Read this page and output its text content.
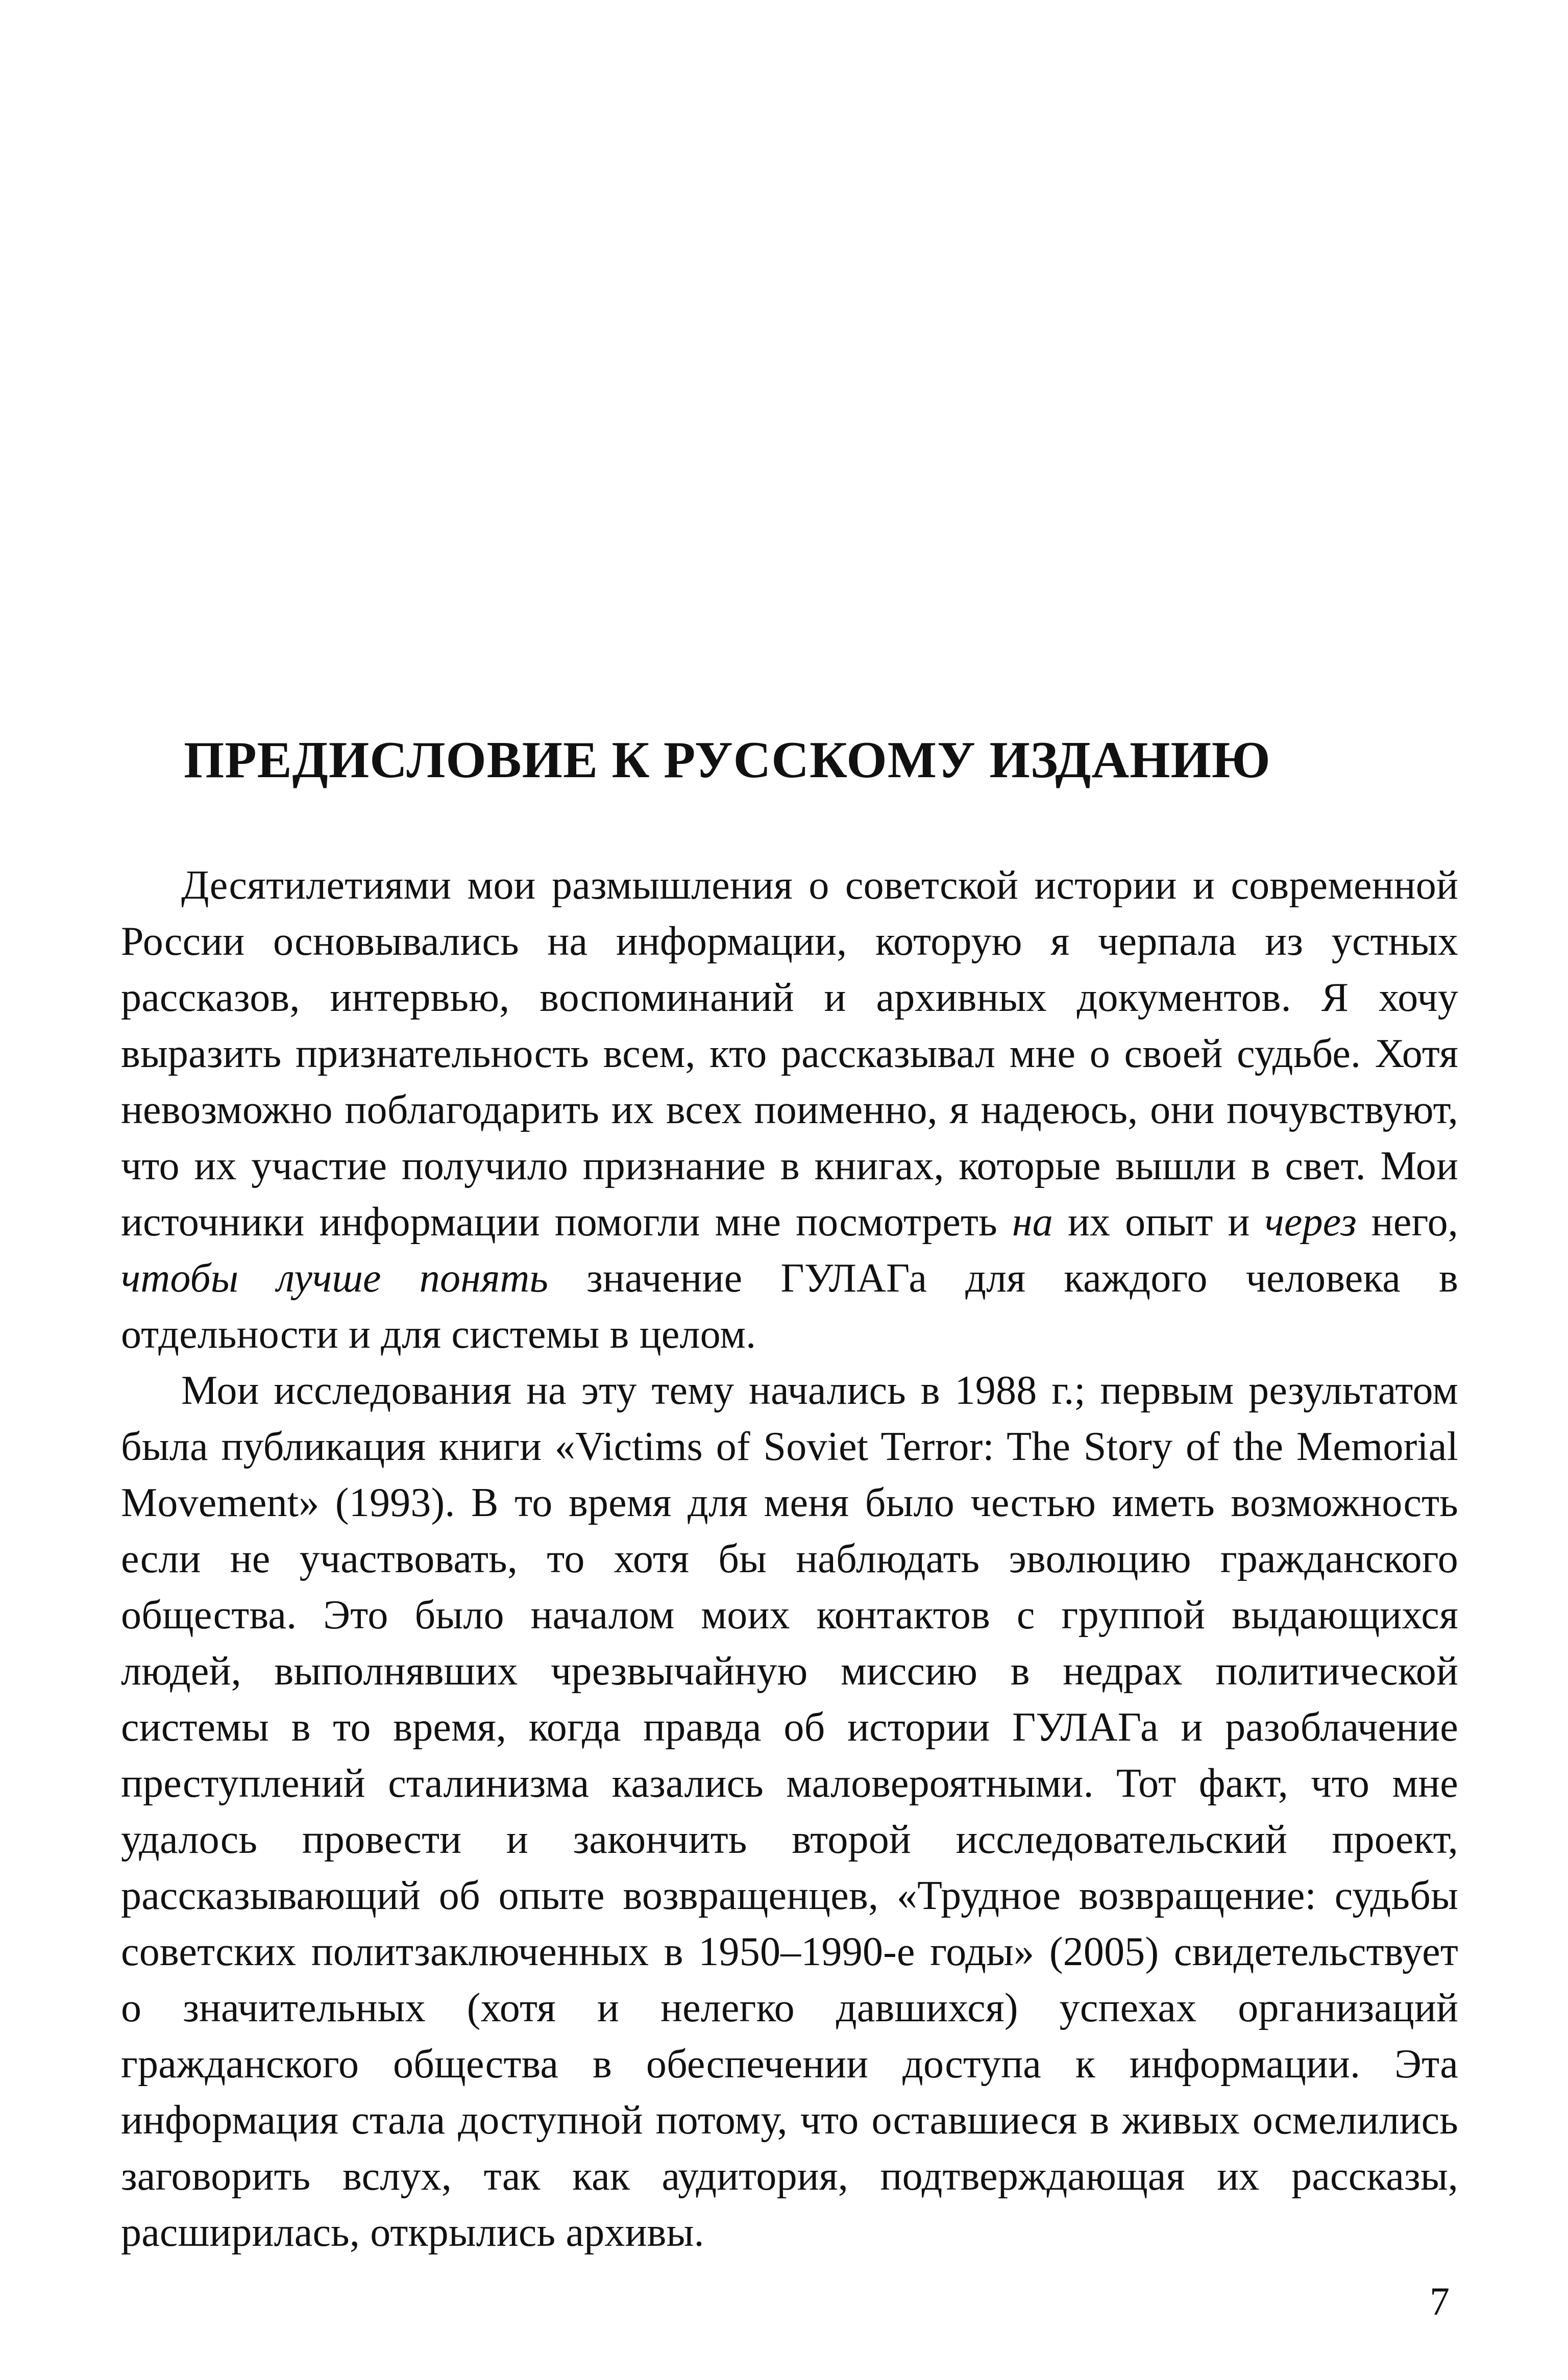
ПРЕДИСЛОВИЕ К РУССКОМУ ИЗДАНИЮ

Десятилетиями мои размышления о советской истории и современной России основывались на информации, которую я черпала из устных рассказов, интервью, воспоминаний и архивных документов. Я хочу выразить признательность всем, кто рассказывал мне о своей судьбе. Хотя невозможно поблагодарить их всех поименно, я надеюсь, они почувствуют, что их участие получило признание в книгах, которые вышли в свет. Мои источники информации помогли мне посмотреть на их опыт и через него, чтобы лучше понять значение ГУЛАГа для каждого человека в отдельности и для системы в целом.

Мои исследования на эту тему начались в 1988 г.; первым результатом была публикация книги «Victims of Soviet Terror: The Story of the Memorial Movement» (1993). В то время для меня было честью иметь возможность если не участвовать, то хотя бы наблюдать эволюцию гражданского общества. Это было началом моих контактов с группой выдающихся людей, выполнявших чрезвычайную миссию в недрах политической системы в то время, когда правда об истории ГУЛАГа и разоблачение преступлений сталинизма казались маловероятными. Тот факт, что мне удалось провести и закончить второй исследовательский проект, рассказывающий об опыте возвращенцев, «Трудное возвращение: судьбы советских политзаключенных в 1950–1990-е годы» (2005) свидетельствует о значительных (хотя и нелегко давшихся) успехах организаций гражданского общества в обеспечении доступа к информации. Эта информация стала доступной потому, что оставшиеся в живых осмелились заговорить вслух, так как аудитория, подтверждающая их рассказы, расширилась, открылись архивы.

7
